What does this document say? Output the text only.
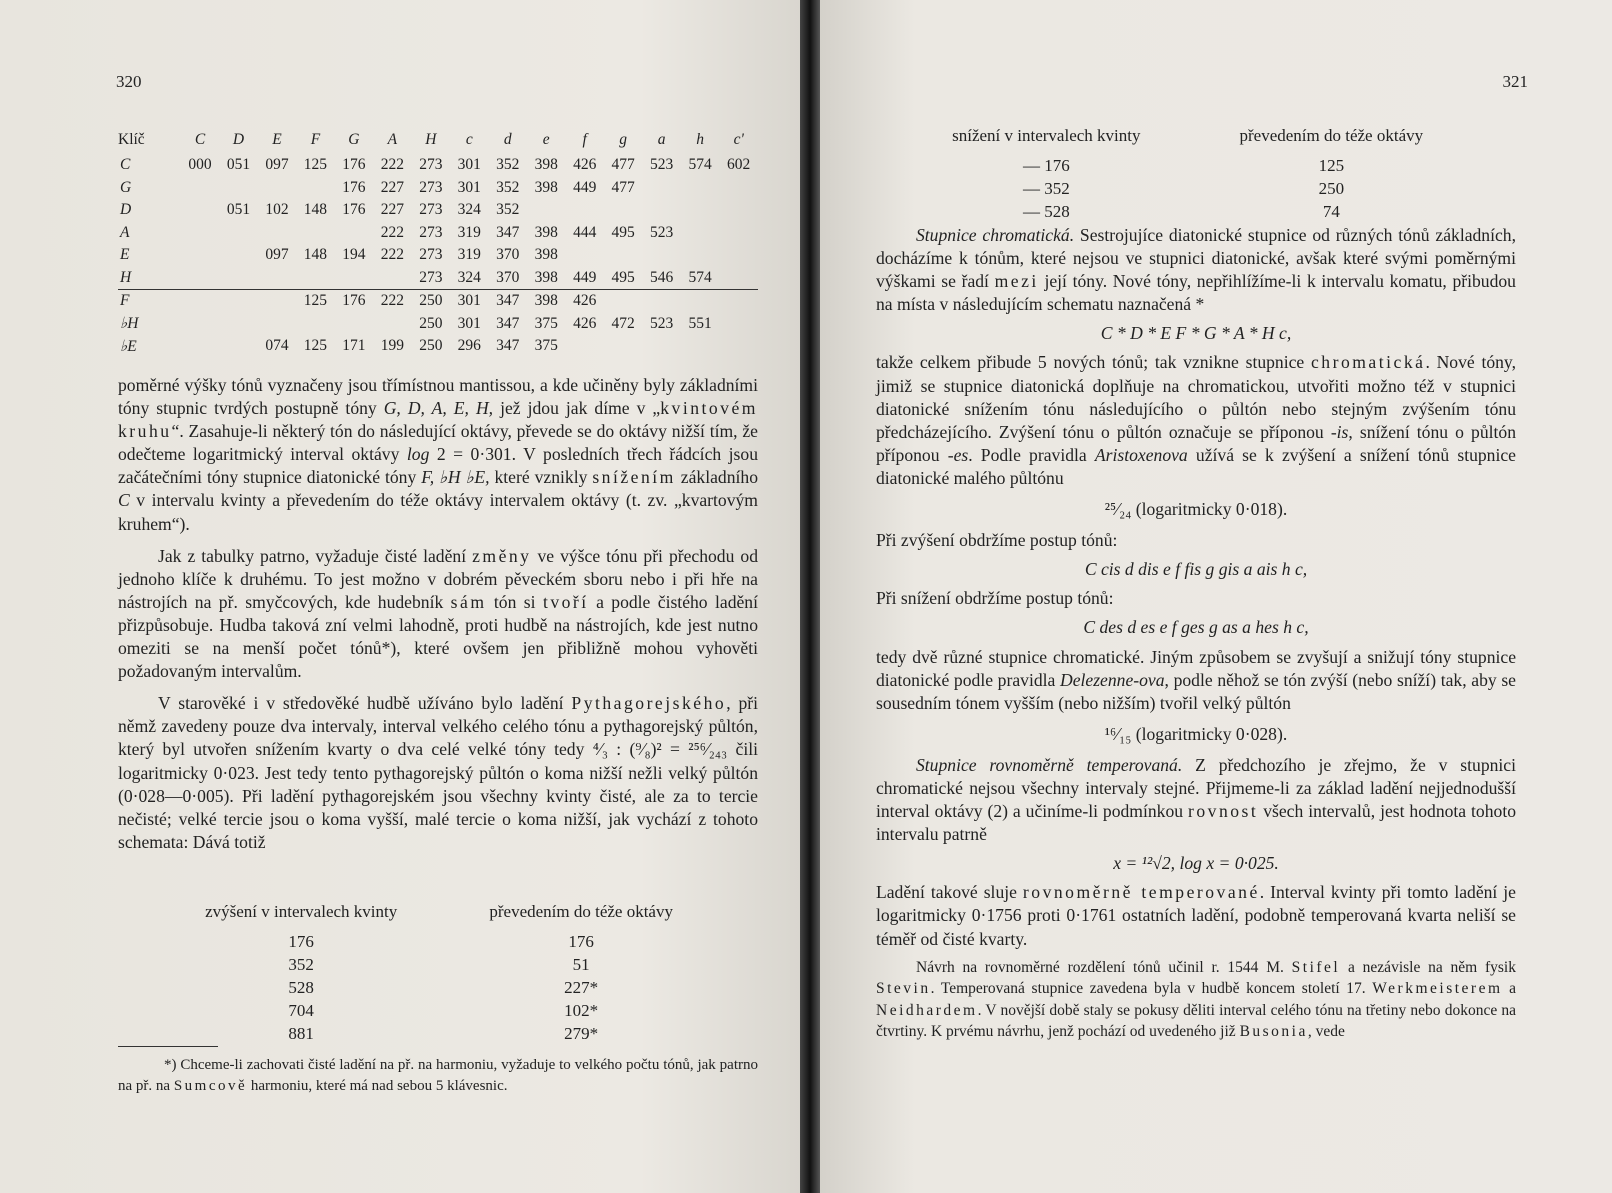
320
Klíč	C	D	E	F	G	A	H	c	d	e	f	g	a	h	c'
C	000	051	097	125	176	222	273	301	352	398	426	477	523	574	602
G					176	227	273	301	352	398	449	477			
D		051	102	148	176	227	273	324	352						
A						222	273	319	347	398	444	495	523		
E			097	148	194	222	273	319	370	398					
H							273	324	370	398	449	495	546	574	
F				125	176	222	250	301	347	398	426				
♭H							250	301	347	375	426	472	523	551	
♭E			074	125	171	199	250	296	347	375					

poměrné výšky tónů vyznačeny jsou třímístnou mantissou, a kde učiněny byly základními tóny stupnic tvrdých postupně tóny G, D, A, E, H, jež jdou jak díme v „kvintovém kruhu“. Zasahuje-li některý tón do následující oktávy, převede se do oktávy nižší tím, že odečteme logaritmický interval oktávy log 2 = 0·301. V posledních třech řádcích jsou začátečními tóny stupnice diatonické tóny F, ♭H ♭E, které vznikly snížením základního C v intervalu kvinty a převedením do téže oktávy intervalem oktávy (t. zv. „kvartovým kruhem“).

Jak z tabulky patrno, vyžaduje čisté ladění změny ve výšce tónu při přechodu od jednoho klíče k druhému. To jest možno v dobrém pěveckém sboru nebo i při hře na nástrojích na př. smyčcových, kde hudebník sám tón si tvoří a podle čistého ladění přizpůsobuje. Hudba taková zní velmi lahodně, proti hudbě na nástrojích, kde jest nutno omeziti se na menší počet tónů*), které ovšem jen přibližně mohou vyhověti požadovaným intervalům.

V starověké i v středověké hudbě užíváno bylo ladění Pythagorejského, při němž zavedeny pouze dva intervaly, interval velkého celého tónu a pythagorejský půltón, který byl utvořen snížením kvarty o dva celé velké tóny tedy ⁴⁄₃ : (⁹⁄₈)² = ²⁵⁶⁄₂₄₃ čili logaritmicky 0·023. Jest tedy tento pythagorejský půltón o koma nižší nežli velký půltón (0·028—0·005). Při ladění pythagorejském jsou všechny kvinty čisté, ale za to tercie nečisté; velké tercie jsou o koma vyšší, malé tercie o koma nižší, jak vychází z tohoto schemata: Dává totiž

zvýšení v intervalech kvinty	převedením do téže oktávy
176	176
352	51
528	227*
704	102*
881	279*
*) Chceme-li zachovati čisté ladění na př. na harmoniu, vyžaduje to velkého počtu tónů, jak patrno na př. na Sumcově harmoniu, které má nad sebou 5 klávesnic.
321
snížení v intervalech kvinty	převedením do téže oktávy
— 176	125
— 352	250
— 528	74

Stupnice chromatická. Sestrojujíce diatonické stupnice od různých tónů základních, docházíme k tónům, které nejsou ve stupnici diatonické, avšak které svými poměrnými výškami se řadí mezi její tóny. Nové tóny, nepřihlížíme-li k intervalu komatu, přibudou na místa v následujícím schematu naznačená *

C * D * E F * G * A * H c,

takže celkem přibude 5 nových tónů; tak vznikne stupnice chromatická. Nové tóny, jimiž se stupnice diatonická doplňuje na chromatickou, utvořiti možno též v stupnici diatonické snížením tónu následujícího o půltón nebo stejným zvýšením tónu předcházejícího. Zvýšení tónu o půltón označuje se příponou -is, snížení tónu o půltón příponou -es. Podle pravidla Aristoxenova užívá se k zvýšení a snížení tónů stupnice diatonické malého půltónu

²⁵⁄₂₄ (logaritmicky 0·018).

Při zvýšení obdržíme postup tónů:

C cis d dis e f fis g gis a ais h c,

Při snížení obdržíme postup tónů:

C des d es e f ges g as a hes h c,

tedy dvě různé stupnice chromatické. Jiným způsobem se zvyšují a snižují tóny stupnice diatonické podle pravidla Delezenne-ova, podle něhož se tón zvýší (nebo sníží) tak, aby se sousedním tónem vyšším (nebo nižším) tvořil velký půltón

¹⁶⁄₁₅ (logaritmicky 0·028).

Stupnice rovnoměrně temperovaná. Z předchozího je zřejmo, že v stupnici chromatické nejsou všechny intervaly stejné. Přijmeme-li za základ ladění nejjednodušší interval oktávy (2) a učiníme-li podmínkou rovnost všech intervalů, jest hodnota tohoto intervalu patrně

x = ¹²√2, log x = 0·025.

Ladění takové sluje rovnoměrně temperované. Interval kvinty při tomto ladění je logaritmicky 0·1756 proti 0·1761 ostatních ladění, podobně temperovaná kvarta neliší se téměř od čisté kvarty.

Návrh na rovnoměrné rozdělení tónů učinil r. 1544 M. Stifel a nezávisle na něm fysik Stevin. Temperovaná stupnice zavedena byla v hudbě koncem století 17. Werkmeisterem a Neidhardem. V novější době staly se pokusy děliti interval celého tónu na třetiny nebo dokonce na čtvrtiny. K prvému návrhu, jenž pochází od uvedeného již Busonia, vede
